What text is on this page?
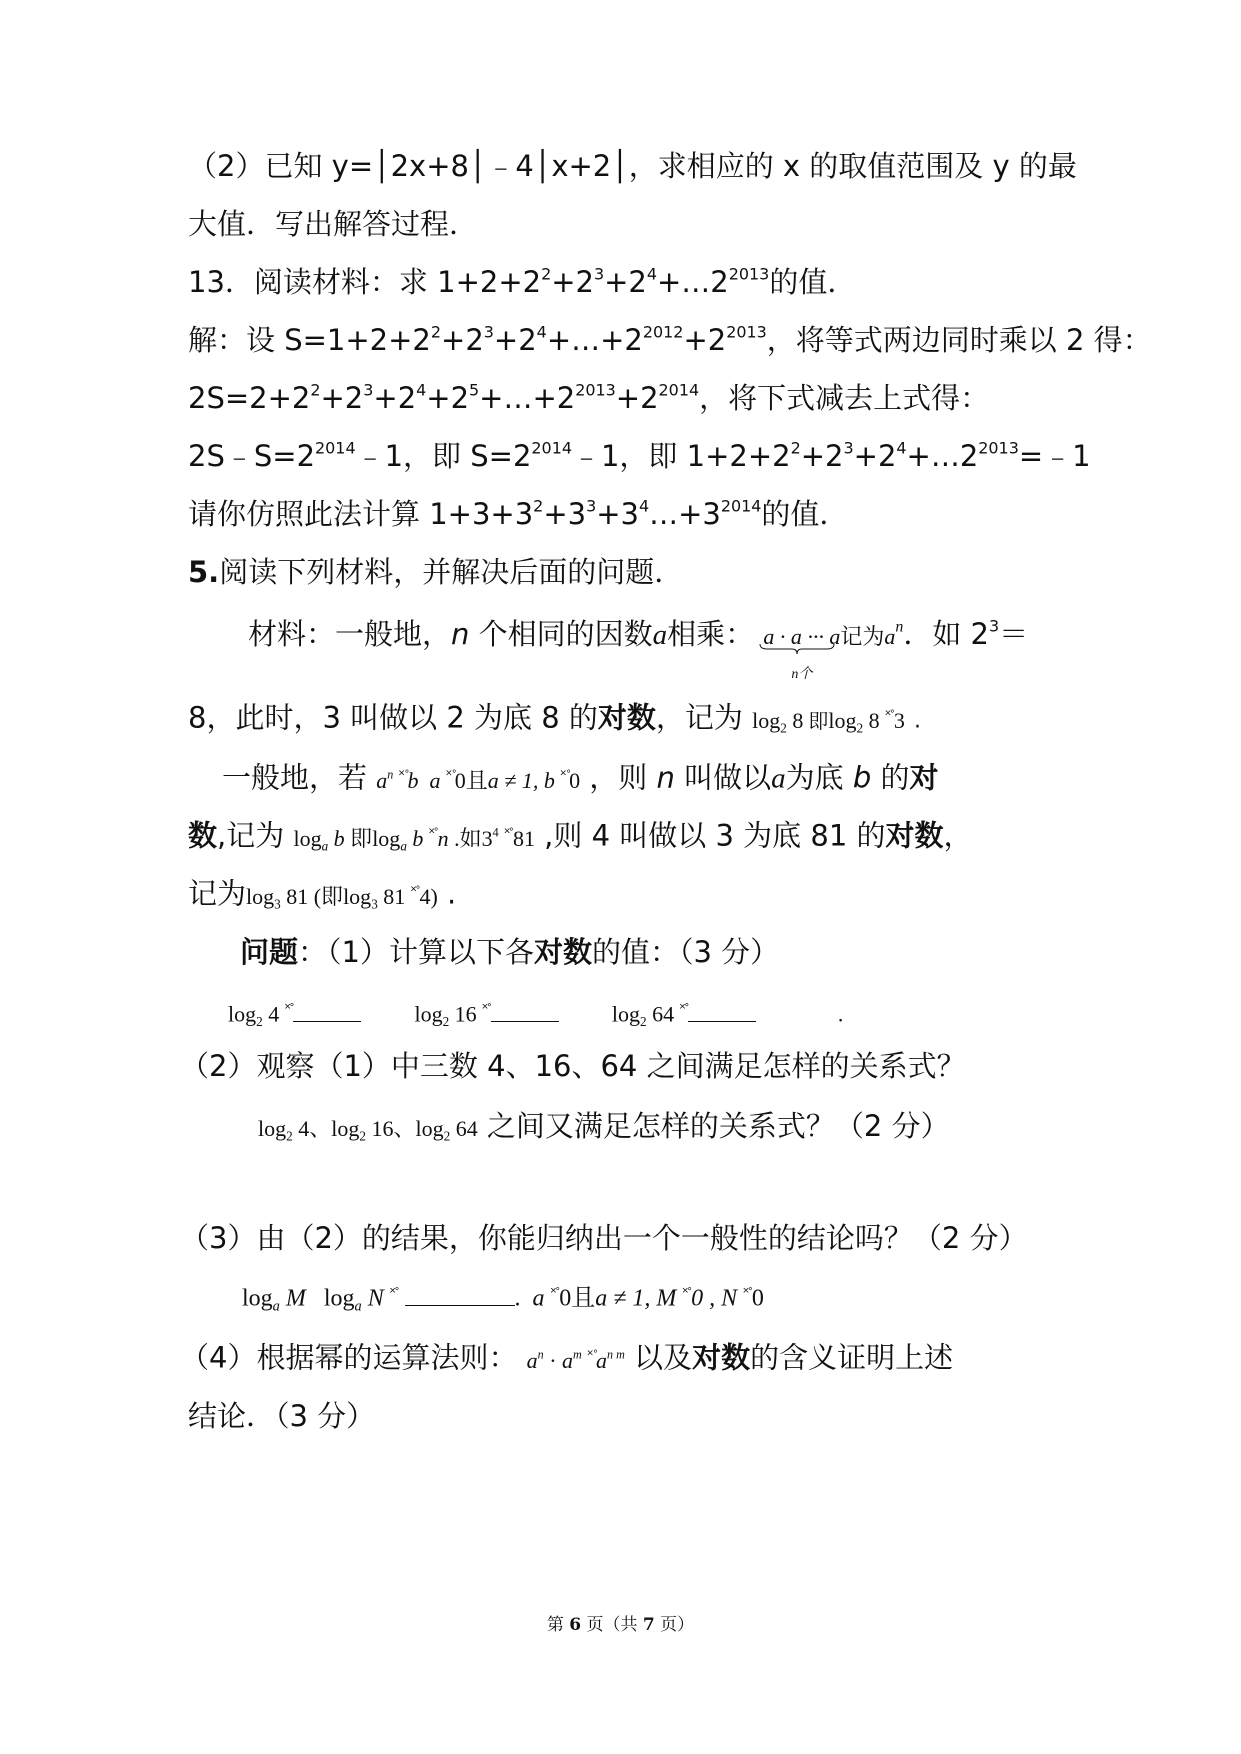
（2）已知 y=│2x+8│﹣4│x+2│，求相应的 x 的取值范围及 y 的最
大值．写出解答过程．
13．阅读材料：求 $1+2+2^2+2^3+2^4+\dots 2^{2013}$的值．
解：设 $S=1+2+2^2+2^3+2^4+\dots+2^{2012}+2^{2013}$，将等式两边同时乘以 2 得：
$2S=2+2^2+2^3+2^4+2^5+\dots+2^{2013}+2^{2014}$，将下式减去上式得：
$2S﹣S=2^{2014}﹣1$，即 $S=2^{2014}﹣1$，即 $1+2+2^2+2^3+2^4+\dots 2^{2013}=﹣1$
请你仿照此法计算 $1+3+3^2+3^3+3^4\dots+3^{2014}$的值．
5.阅读下列材料，并解决后面的问题．
材料：一般地，n 个相同的因数a相乘： a · a ··· a
n个
记为$a^n$．如 $2^3=$
8，此时，3 叫做以 2 为底 8 的对数，记为 $\log_2 8$ 即$\log_2 8$ ˟˚3 .
一般地，若 $a^n$ ˟˚b a ˟˚0且a ≠ 1, b ˟˚0 ，则 n 叫做以a为底 b 的对
数,记为 $\log_a b$ 即$\log_a b$ ˟˚n .如$3^4$ ˟˚81 ,则 4 叫做以 3 为底 81 的对数，
记为$\log_3 81$ (即$\log_3 81$ ˟˚4) .
问题：（1）计算以下各对数的值：（3 分）
$\log_2 4$ ˟˚	$\log_2 16$ ˟˚	$\log_2 64$ ˟˚	.
（2）观察（1）中三数 4、16、64 之间满足怎样的关系式？
$\log_2 4$、$\log_2 16$、$\log_2 64$ 之间又满足怎样的关系式？（2 分）
（3）由（2）的结果，你能归纳出一个一般性的结论吗？（2 分）
$\log_a M$ $\log_a N$ ˟˚	. a ˟˚0且a ≠ 1, M ˟˚0 , N ˟˚0
（4）根据幂的运算法则： $a^n \cdot a^m$ $^{˟˚}a^{n m}$ 以及对数的含义证明上述
结论．（3 分）
第 6 页（共 7 页）
